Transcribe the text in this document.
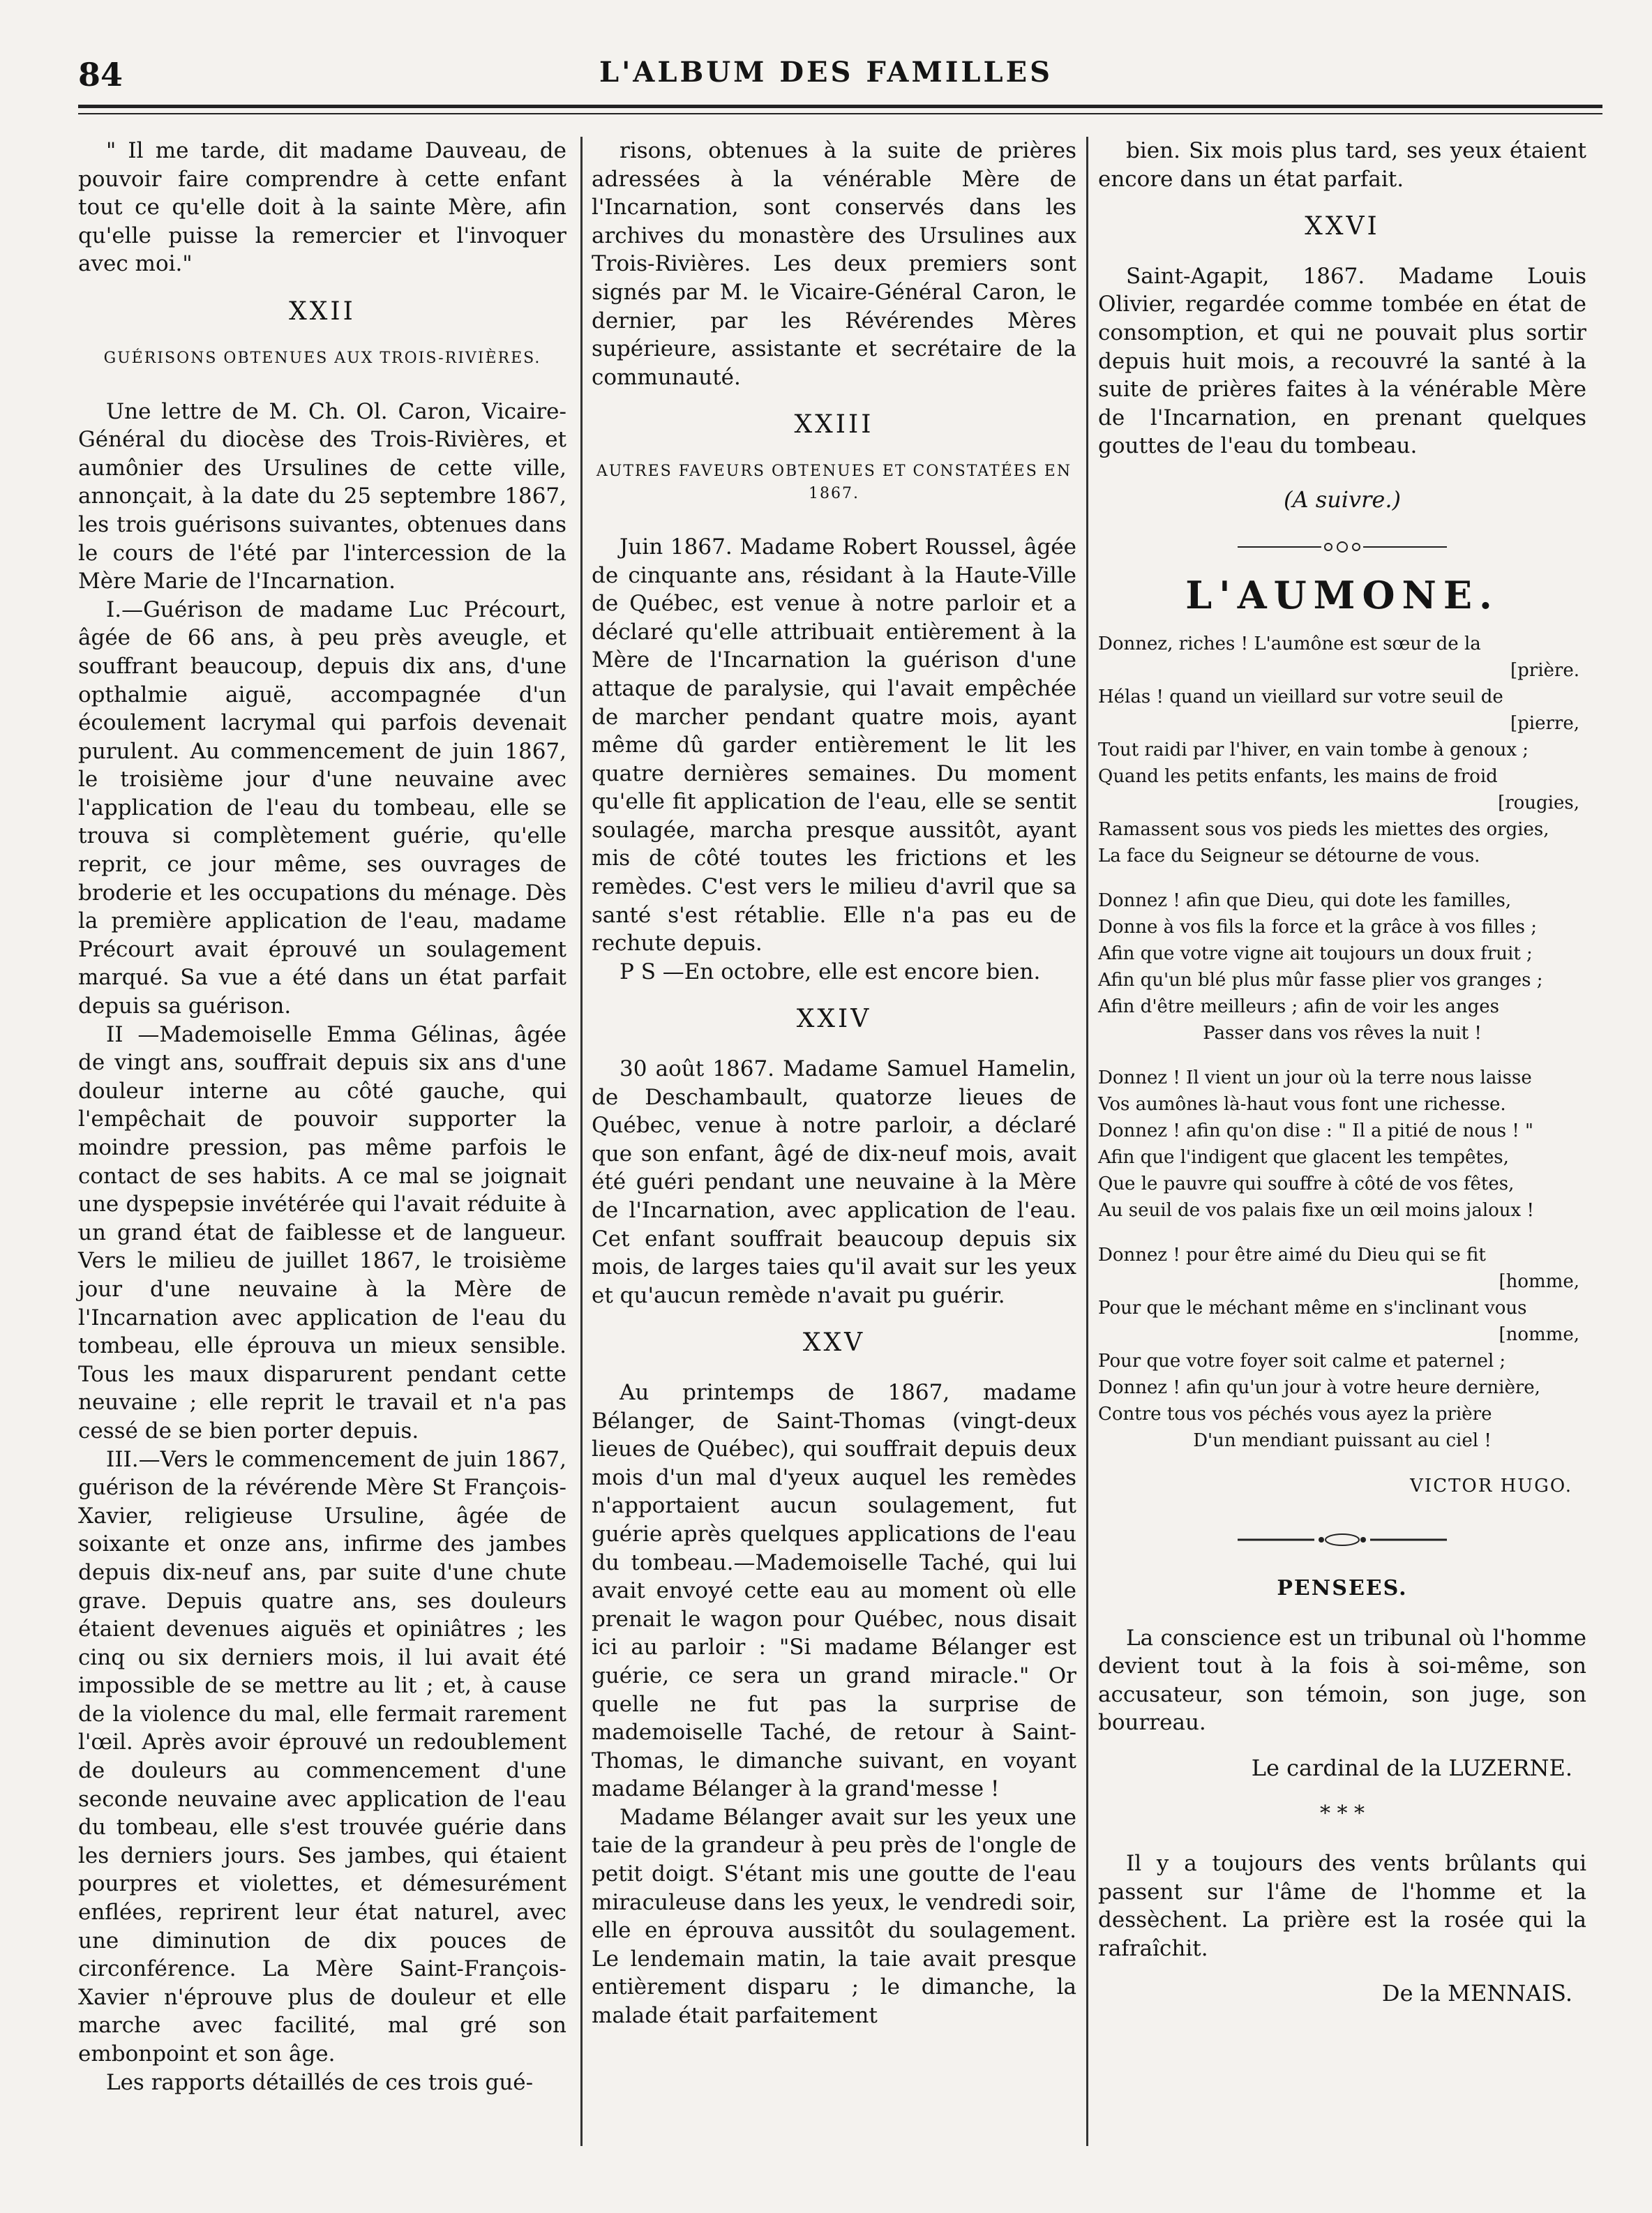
84	L'ALBUM DES FAMILLES

" Il me tarde, dit madame Dauveau, de pouvoir faire comprendre à cette enfant tout ce qu'elle doit à la sainte Mère, afin qu'elle puisse la remercier et l'invoquer avec moi."

XXII
GUÉRISONS OBTENUES AUX TROIS-RIVIÈRES.

Une lettre de M. Ch. Ol. Caron, Vicaire-Général du diocèse des Trois-Rivières, et aumônier des Ursulines de cette ville, annonçait, à la date du 25 septembre 1867, les trois guérisons suivantes, obtenues dans le cours de l'été par l'intercession de la Mère Marie de l'Incarnation.

I.—Guérison de madame Luc Précourt, âgée de 66 ans, à peu près aveugle, et souffrant beaucoup, depuis dix ans, d'une opthalmie aiguë, accompagnée d'un écoulement lacrymal qui parfois devenait purulent. Au commencement de juin 1867, le troisième jour d'une neuvaine avec l'application de l'eau du tombeau, elle se trouva si complètement guérie, qu'elle reprit, ce jour même, ses ouvrages de broderie et les occupations du ménage. Dès la première application de l'eau, madame Précourt avait éprouvé un soulagement marqué. Sa vue a été dans un état parfait depuis sa guérison.

II —Mademoiselle Emma Gélinas, âgée de vingt ans, souffrait depuis six ans d'une douleur interne au côté gauche, qui l'empêchait de pouvoir supporter la moindre pression, pas même parfois le contact de ses habits. A ce mal se joignait une dyspepsie invétérée qui l'avait réduite à un grand état de faiblesse et de langueur. Vers le milieu de juillet 1867, le troisième jour d'une neuvaine à la Mère de l'Incarnation avec application de l'eau du tombeau, elle éprouva un mieux sensible. Tous les maux disparurent pendant cette neuvaine ; elle reprit le travail et n'a pas cessé de se bien porter depuis.

III.—Vers le commencement de juin 1867, guérison de la révérende Mère St François-Xavier, religieuse Ursuline, âgée de soixante et onze ans, infirme des jambes depuis dix-neuf ans, par suite d'une chute grave. Depuis quatre ans, ses douleurs étaient devenues aiguës et opiniâtres ; les cinq ou six derniers mois, il lui avait été impossible de se mettre au lit ; et, à cause de la violence du mal, elle fermait rarement l'œil. Après avoir éprouvé un redoublement de douleurs au commencement d'une seconde neuvaine avec application de l'eau du tombeau, elle s'est trouvée guérie dans les derniers jours. Ses jambes, qui étaient pourpres et violettes, et démesurément enflées, reprirent leur état naturel, avec une diminution de dix pouces de circonférence. La Mère Saint-François-Xavier n'éprouve plus de douleur et elle marche avec facilité, mal gré son embonpoint et son âge.

Les rapports détaillés de ces trois gué-

risons, obtenues à la suite de prières adressées à la vénérable Mère de l'Incarnation, sont conservés dans les archives du monastère des Ursulines aux Trois-Rivières. Les deux premiers sont signés par M. le Vicaire-Général Caron, le dernier, par les Révérendes Mères supérieure, assistante et secrétaire de la communauté.

XXIII
AUTRES FAVEURS OBTENUES ET CONSTATÉES EN 1867.

Juin 1867. Madame Robert Roussel, âgée de cinquante ans, résidant à la Haute-Ville de Québec, est venue à notre parloir et a déclaré qu'elle attribuait entièrement à la Mère de l'Incarnation la guérison d'une attaque de paralysie, qui l'avait empêchée de marcher pendant quatre mois, ayant même dû garder entièrement le lit les quatre dernières semaines. Du moment qu'elle fit application de l'eau, elle se sentit soulagée, marcha presque aussitôt, ayant mis de côté toutes les frictions et les remèdes. C'est vers le milieu d'avril que sa santé s'est rétablie. Elle n'a pas eu de rechute depuis.

P S —En octobre, elle est encore bien.

XXIV

30 août 1867. Madame Samuel Hamelin, de Deschambault, quatorze lieues de Québec, venue à notre parloir, a déclaré que son enfant, âgé de dix-neuf mois, avait été guéri pendant une neuvaine à la Mère de l'Incarnation, avec application de l'eau. Cet enfant souffrait beaucoup depuis six mois, de larges taies qu'il avait sur les yeux et qu'aucun remède n'avait pu guérir.

XXV

Au printemps de 1867, madame Bélanger, de Saint-Thomas (vingt-deux lieues de Québec), qui souffrait depuis deux mois d'un mal d'yeux auquel les remèdes n'apportaient aucun soulagement, fut guérie après quelques applications de l'eau du tombeau.—Mademoiselle Taché, qui lui avait envoyé cette eau au moment où elle prenait le wagon pour Québec, nous disait ici au parloir : "Si madame Bélanger est guérie, ce sera un grand miracle." Or quelle ne fut pas la surprise de mademoiselle Taché, de retour à Saint-Thomas, le dimanche suivant, en voyant madame Bélanger à la grand'messe !

Madame Bélanger avait sur les yeux une taie de la grandeur à peu près de l'ongle de petit doigt. S'étant mis une goutte de l'eau miraculeuse dans les yeux, le vendredi soir, elle en éprouva aussitôt du soulagement. Le lendemain matin, la taie avait presque entièrement disparu ; le dimanche, la malade était parfaitement

bien. Six mois plus tard, ses yeux étaient encore dans un état parfait.

XXVI

Saint-Agapit, 1867. Madame Louis Olivier, regardée comme tombée en état de consomption, et qui ne pouvait plus sortir depuis huit mois, a recouvré la santé à la suite de prières faites à la vénérable Mère de l'Incarnation, en prenant quelques gouttes de l'eau du tombeau.

(A suivre.)
L'AUMONE.
Donnez, riches ! L'aumône est sœur de la
[prière.
Hélas ! quand un vieillard sur votre seuil de
[pierre,
Tout raidi par l'hiver, en vain tombe à genoux ;
Quand les petits enfants, les mains de froid
[rougies,
Ramassent sous vos pieds les miettes des orgies,
La face du Seigneur se détourne de vous.
Donnez ! afin que Dieu, qui dote les familles,
Donne à vos fils la force et la grâce à vos filles ;
Afin que votre vigne ait toujours un doux fruit ;
Afin qu'un blé plus mûr fasse plier vos granges ;
Afin d'être meilleurs ; afin de voir les anges
Passer dans vos rêves la nuit !
Donnez ! Il vient un jour où la terre nous laisse
Vos aumônes là-haut vous font une richesse.
Donnez ! afin qu'on dise : " Il a pitié de nous ! "
Afin que l'indigent que glacent les tempêtes,
Que le pauvre qui souffre à côté de vos fêtes,
Au seuil de vos palais fixe un œil moins jaloux !
Donnez ! pour être aimé du Dieu qui se fit
[homme,
Pour que le méchant même en s'inclinant vous
[nomme,
Pour que votre foyer soit calme et paternel ;
Donnez ! afin qu'un jour à votre heure dernière,
Contre tous vos péchés vous ayez la prière
D'un mendiant puissant au ciel !
VICTOR HUGO.
PENSEES.

La conscience est un tribunal où l'homme devient tout à la fois à soi-même, son accusateur, son témoin, son juge, son bourreau.

Le cardinal de la LUZERNE.
* * *

Il y a toujours des vents brûlants qui passent sur l'âme de l'homme et la dessèchent. La prière est la rosée qui la rafraîchit.

De la MENNAIS.
